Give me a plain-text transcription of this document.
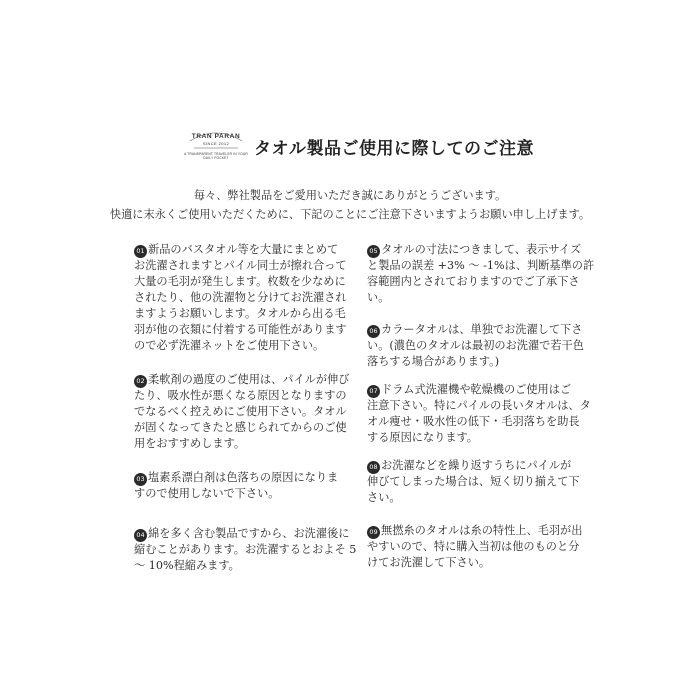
TRAN PARAN
SINCE 2012
A TRANSPARENT TRAVELER IN YOUR DAILY POCKET	タオル製品ご使用に際してのご注意
毎々、弊社製品をご愛用いただき誠にありがとうございます。
快適に末永くご使用いただくために、下記のことにご注意下さいますようお願い申し上げます。
01 新品のバスタオル等を大量にまとめて
お洗濯されますとパイル同士が擦れ合って
大量の毛羽が発生します。枚数を少なめに
されたり、他の洗濯物と分けてお洗濯され
ますようお願いします。タオルから出る毛
羽が他の衣類に付着する可能性があります
ので必ず洗濯ネットをご使用下さい。
02 柔軟剤の過度のご使用は、パイルが伸び
たり、吸水性が悪くなる原因となりますの
でなるべく控えめにご使用下さい。タオル
が固くなってきたと感じられてからのご使
用をおすすめします。
03 塩素系漂白剤は色落ちの原因になりま
すので使用しないで下さい。
04 綿を多く含む製品ですから、お洗濯後に
縮むことがあります。お洗濯するとおよそ 5
～ 10%程縮みます。
05 タオルの寸法につきまして、表示サイズ
と製品の誤差 +3% ～ -1%は、判断基準の許
容範囲内とされておりますのでご了承下さ
い。
06 カラータオルは、単独でお洗濯して下さ
い。(濃色のタオルは最初のお洗濯で若干色
落ちする場合があります。)
07 ドラム式洗濯機や乾燥機のご使用はご
注意下さい。特にパイルの長いタオルは、タ
オル痩せ・吸水性の低下・毛羽落ちを助長
する原因になります。
08 お洗濯などを繰り返すうちにパイルが
伸びてしまった場合は、短く切り揃えて下
さい。
09 無撚糸のタオルは糸の特性上、毛羽が出
やすいので、特に購入当初は他のものと分
けてお洗濯して下さい。
